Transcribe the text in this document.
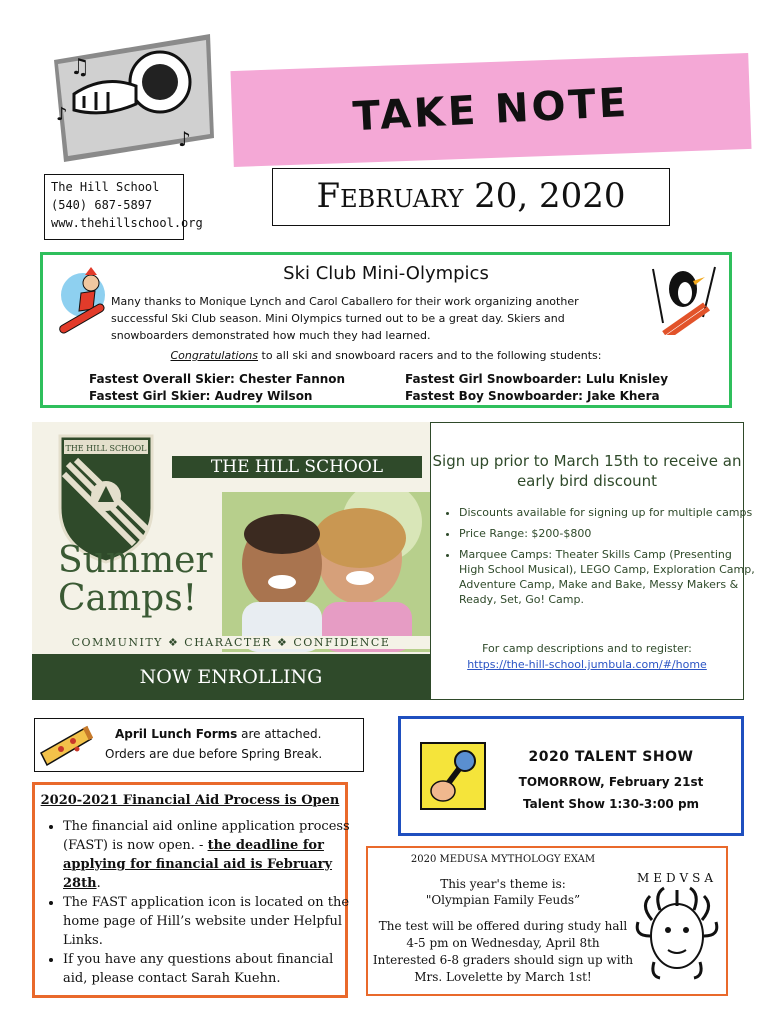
♫
♪
♪	TAKE NOTE
The Hill School
(540) 687-5897
www.thehillschool.org
February 20, 2020
Ski Club Mini-Olympics
Many thanks to Monique Lynch and Carol Caballero for their work organizing another successful Ski Club season. Mini Olympics turned out to be a great day. Skiers and snowboarders demonstrated how much they had learned.
Congratulations to all ski and snowboard racers and to the following students:
Fastest Overall Skier: Chester Fannon
Fastest Girl Skier: Audrey Wilson
Fastest Girl Snowboarder: Lulu Knisley
Fastest Boy Snowboarder: Jake Khera
THE HILL SCHOOL
THE HILL SCHOOL
Summer Camps!
COMMUNITY ❖ CHARACTER ❖ CONFIDENCE
NOW ENROLLING
Sign up prior to March 15th to receive an early bird discount
• Discounts available for signing up for multiple camps
• Price Range: $200-$800
• Marquee Camps: Theater Skills Camp (Presenting High School Musical), LEGO Camp, Exploration Camp, Adventure Camp, Make and Bake, Messy Makers & Ready, Set, Go! Camp.
For camp descriptions and to register:
https://the-hill-school.jumbula.com/#/home
April Lunch Forms are attached.
Orders are due before Spring Break.
2020-2021 Financial Aid Process is Open
• The financial aid online application process (FAST) is now open. - the deadline for applying for financial aid is February 28th.
• The FAST application icon is located on the home page of Hill’s website under Helpful Links.
• If you have any questions about financial aid, please contact Sarah Kuehn.
2020 TALENT SHOW
TOMORROW, February 21st
Talent Show 1:30-3:00 pm
2020 MEDUSA MYTHOLOGY EXAM
This year's theme is:
"Olympian Family Feuds”
The test will be offered during study hall
4-5 pm on Wednesday, April 8th
Interested 6-8 graders should sign up with
Mrs. Lovelette by March 1st!
MEDVSA
